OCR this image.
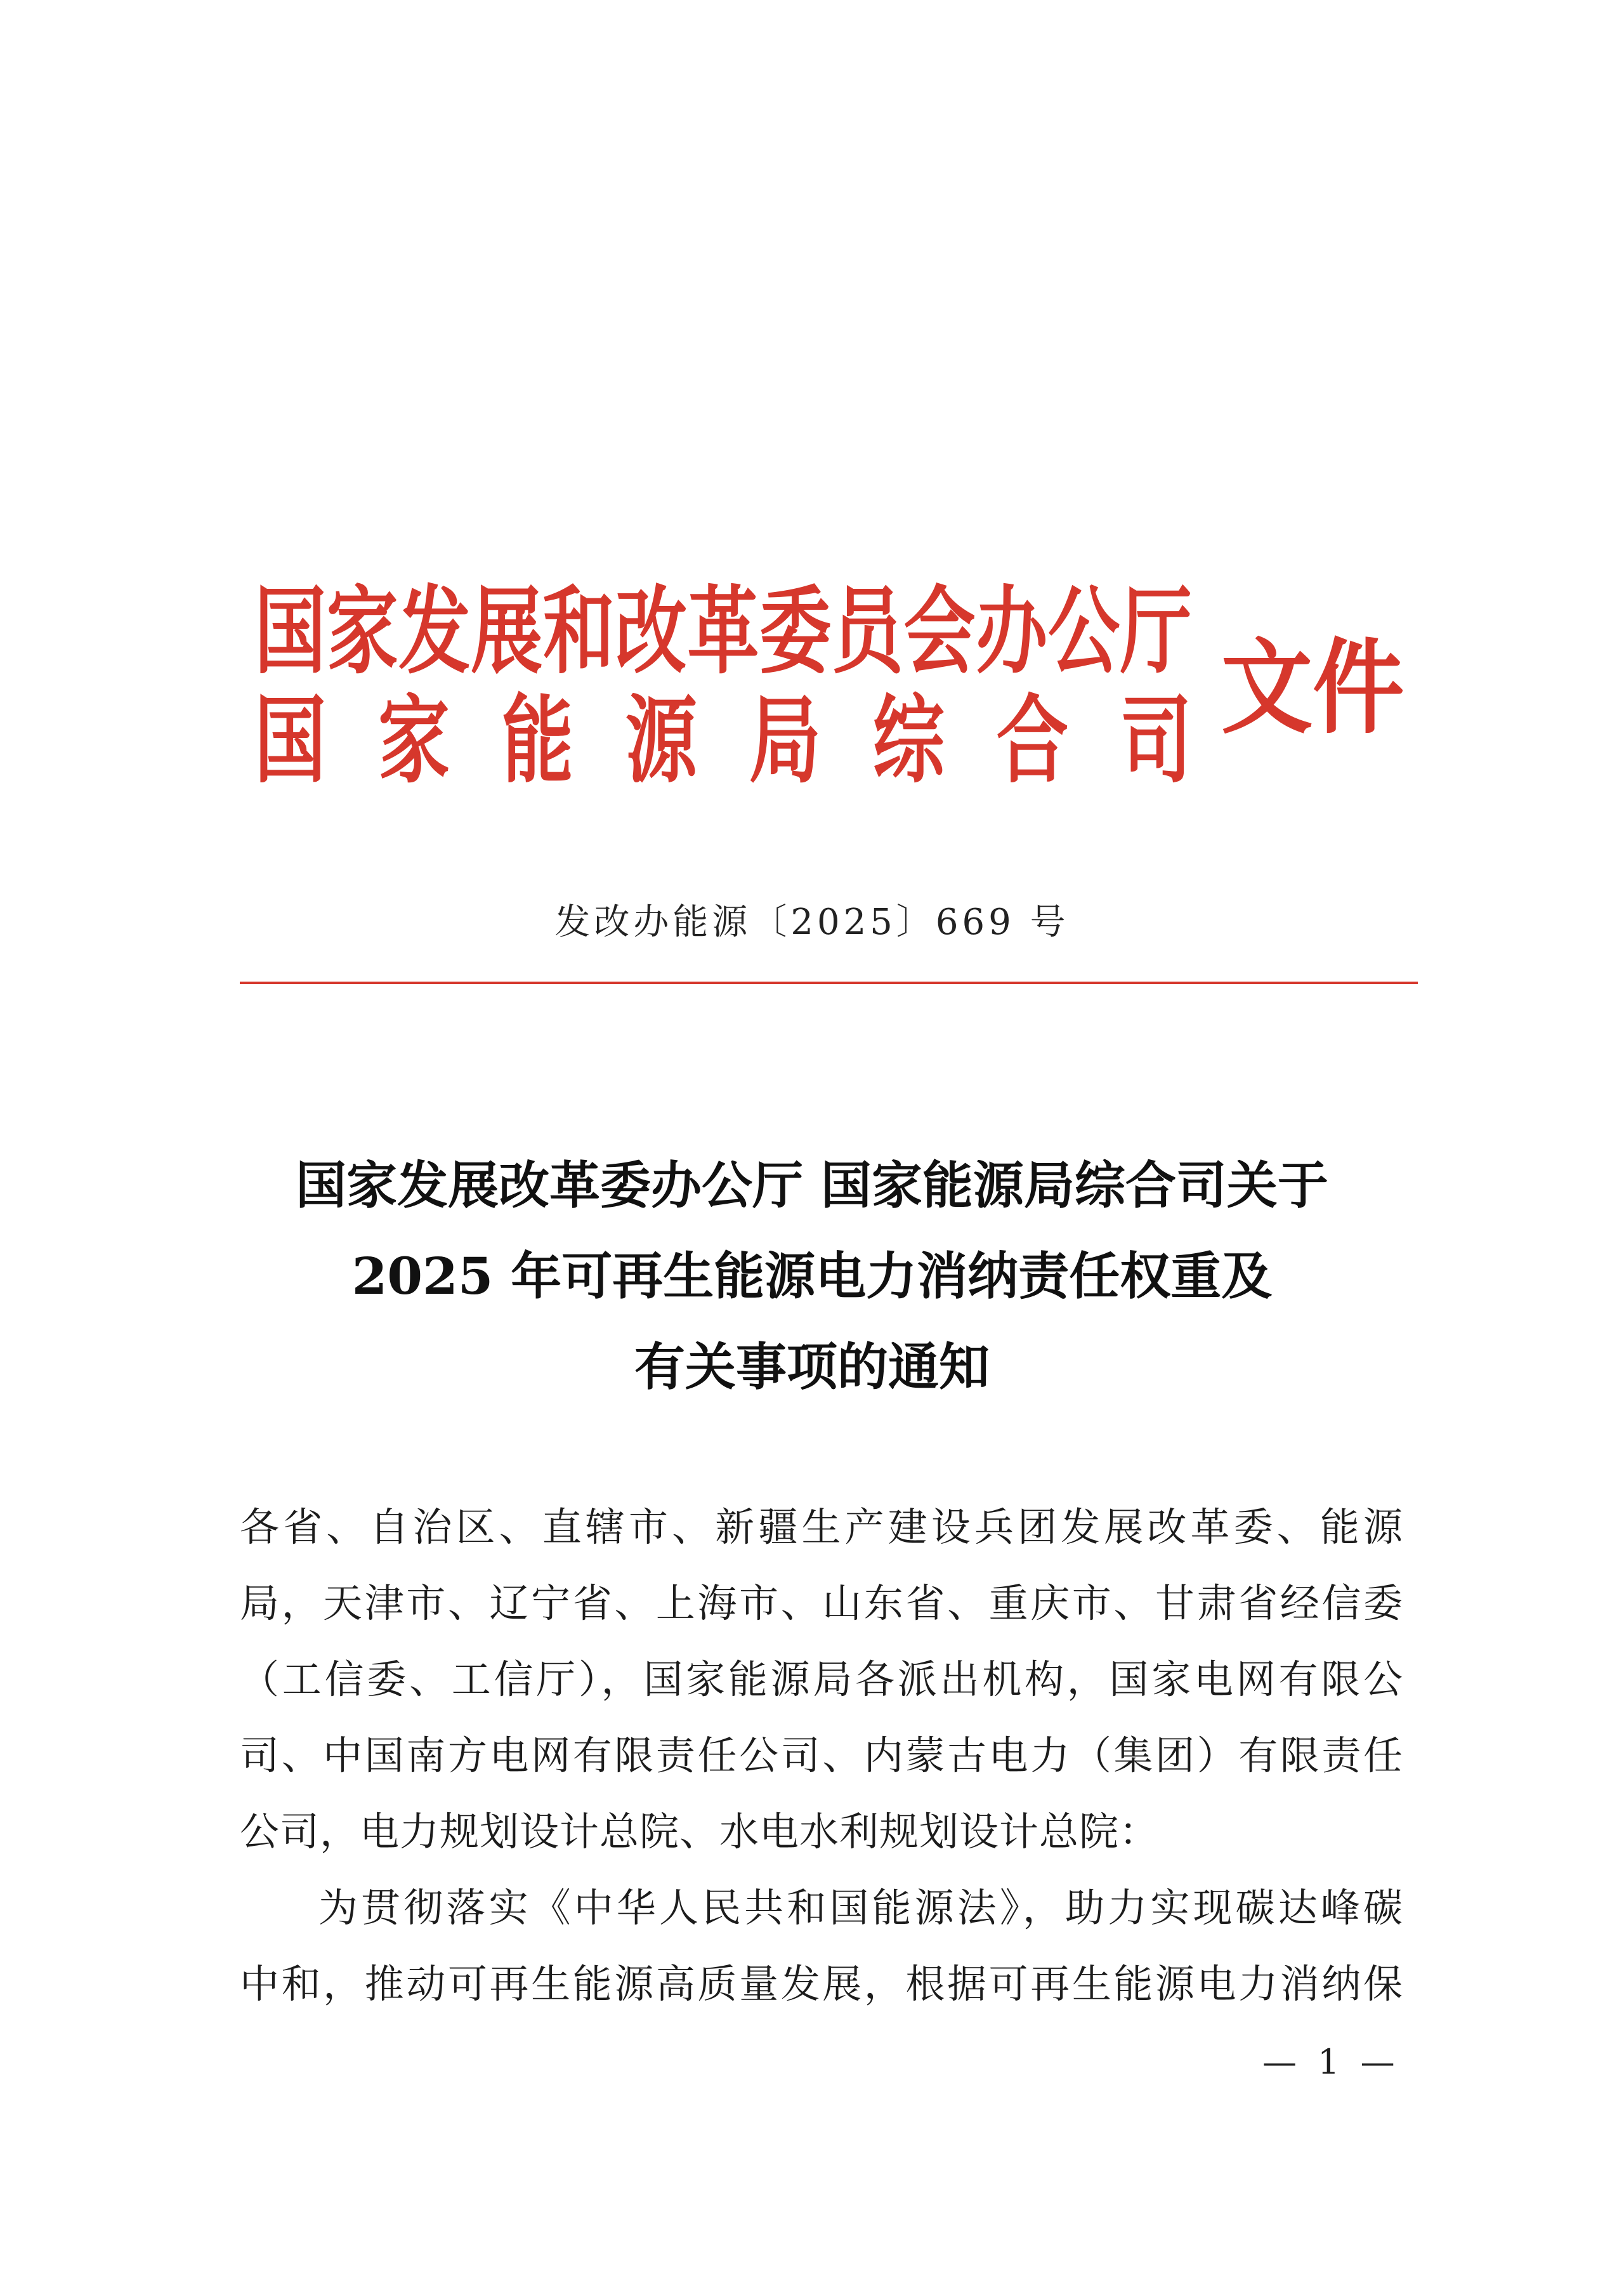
国家发展和改革委员会办公厅
国家能源局综合司 文件
发改办能源〔2025〕669 号
国家发展改革委办公厅 国家能源局综合司关于
2025 年可再生能源电力消纳责任权重及
有关事项的通知
各省、自治区、直辖市、新疆生产建设兵团发展改革委、能源
局，天津市、辽宁省、上海市、山东省、重庆市、甘肃省经信委
（工信委、工信厅），国家能源局各派出机构，国家电网有限公
司、中国南方电网有限责任公司、内蒙古电力（集团）有限责任
公司，电力规划设计总院、水电水利规划设计总院：
为贯彻落实《中华人民共和国能源法》，助力实现碳达峰碳
中和，推动可再生能源高质量发展，根据可再生能源电力消纳保
— 1 —
